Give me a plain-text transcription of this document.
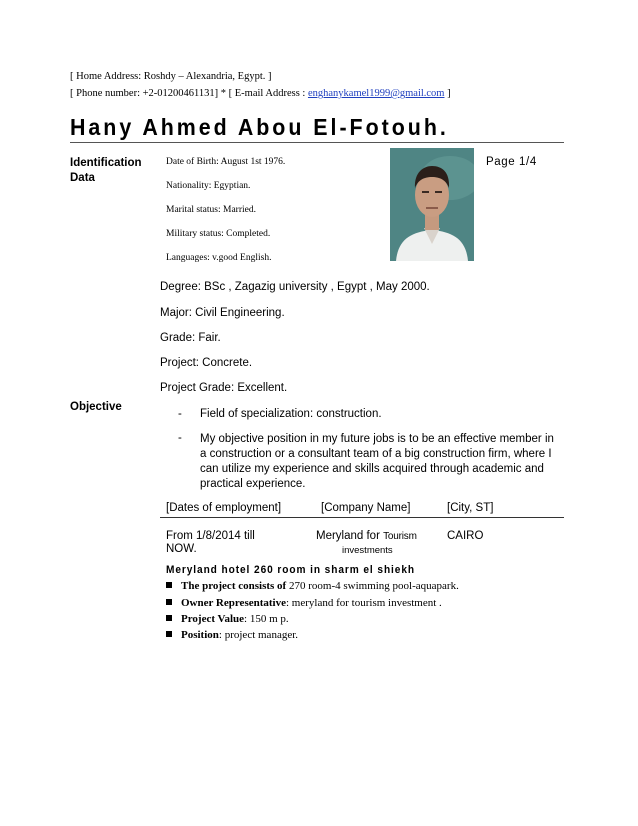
[ Home Address: Roshdy – Alexandria, Egypt. ]
[ Phone number: +2-01200461131] * [ E-mail Address : enghanykamel1999@gmail.com ]
Hany Ahmed Abou El-Fotouh.
Identification
Data
Date of Birth: August 1st 1976.
Nationality: Egyptian.
Marital status: Married.
Military status: Completed.
Languages: v.good English.
Page 1/4
Degree: BSc , Zagazig university , Egypt , May 2000.
Major: Civil Engineering.
Grade: Fair.
Project: Concrete.
Project Grade: Excellent.
Objective
- Field of specialization: construction.
- My objective position in my future jobs is to be an effective member in
a construction or a consultant team of a big construction firm, where I
can utilize my experience and skills acquired through academic and
practical experience.
[Dates of employment]	[Company Name]	[City, ST]
From 1/8/2014 till
NOW.
Meryland for Tourism
investments
CAIRO
Meryland hotel 260 room in sharm el shiekh
The project consists of 270 room-4 swimming pool-aquapark.
Owner Representative: meryland for tourism investment .
Project Value: 150 m p.
Position: project manager.
